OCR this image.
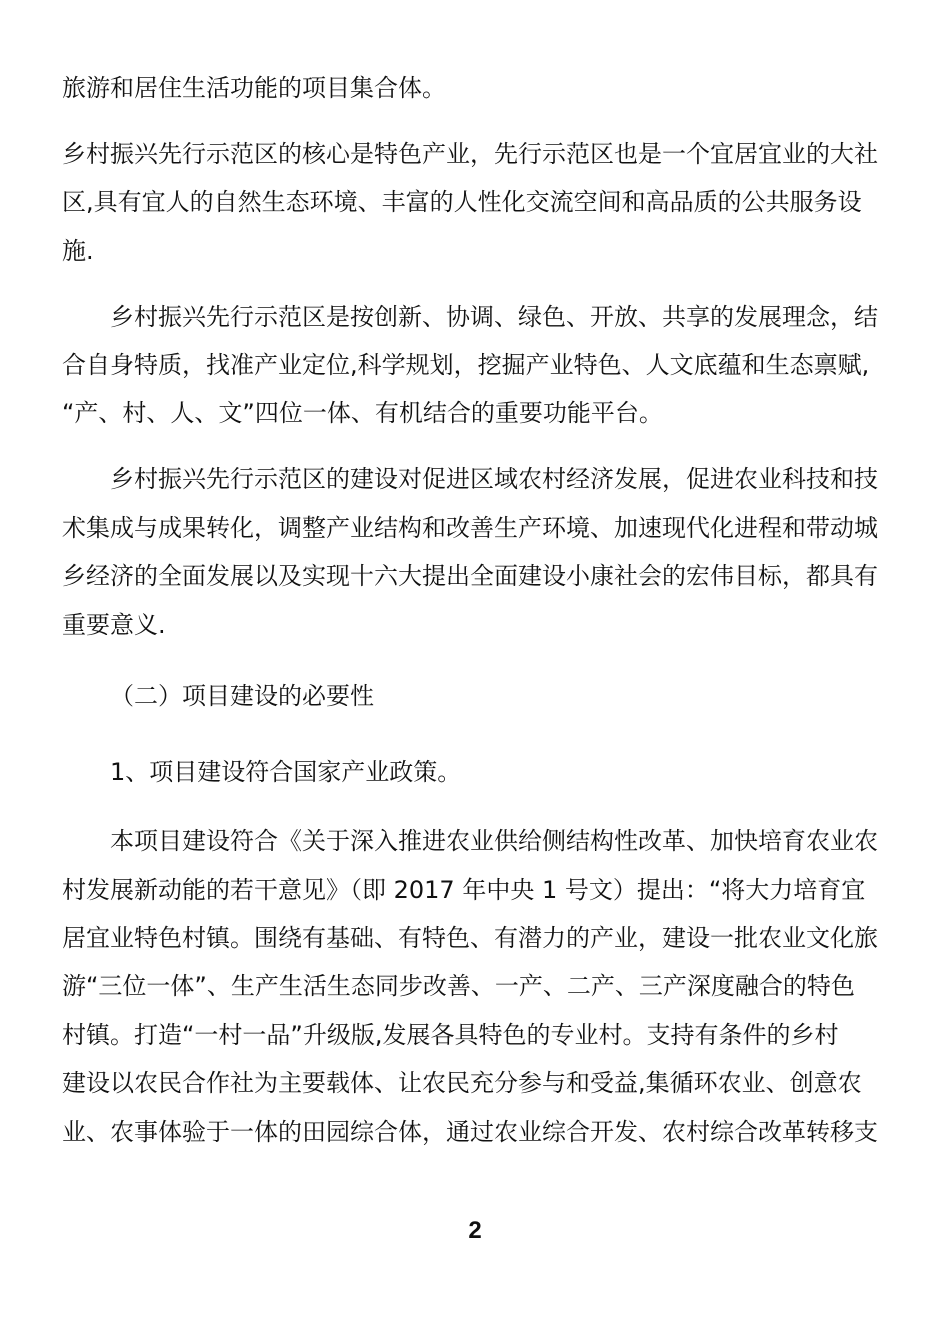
旅游和居住生活功能的项目集合体。
乡村振兴先行示范区的核心是特色产业，先行示范区也是一个宜居宜业的大社
区,具有宜人的自然生态环境、丰富的人性化交流空间和高品质的公共服务设
施.
乡村振兴先行示范区是按创新、协调、绿色、开放、共享的发展理念，结
合自身特质，找准产业定位,科学规划，挖掘产业特色、人文底蕴和生态禀赋,
“产、村、人、文”四位一体、有机结合的重要功能平台。
乡村振兴先行示范区的建设对促进区域农村经济发展，促进农业科技和技
术集成与成果转化，调整产业结构和改善生产环境、加速现代化进程和带动城
乡经济的全面发展以及实现十六大提出全面建设小康社会的宏伟目标，都具有
重要意义.
（二）项目建设的必要性
1、项目建设符合国家产业政策。
本项目建设符合《关于深入推进农业供给侧结构性改革、加快培育农业农
村发展新动能的若干意见》（即 2017 年中央 1 号文）提出：“将大力培育宜
居宜业特色村镇。围绕有基础、有特色、有潜力的产业，建设一批农业文化旅
游“三位一体”、生产生活生态同步改善、一产、二产、三产深度融合的特色
村镇。打造“一村一品”升级版,发展各具特色的专业村。支持有条件的乡村
建设以农民合作社为主要载体、让农民充分参与和受益,集循环农业、创意农
业、农事体验于一体的田园综合体，通过农业综合开发、农村综合改革转移支
2
